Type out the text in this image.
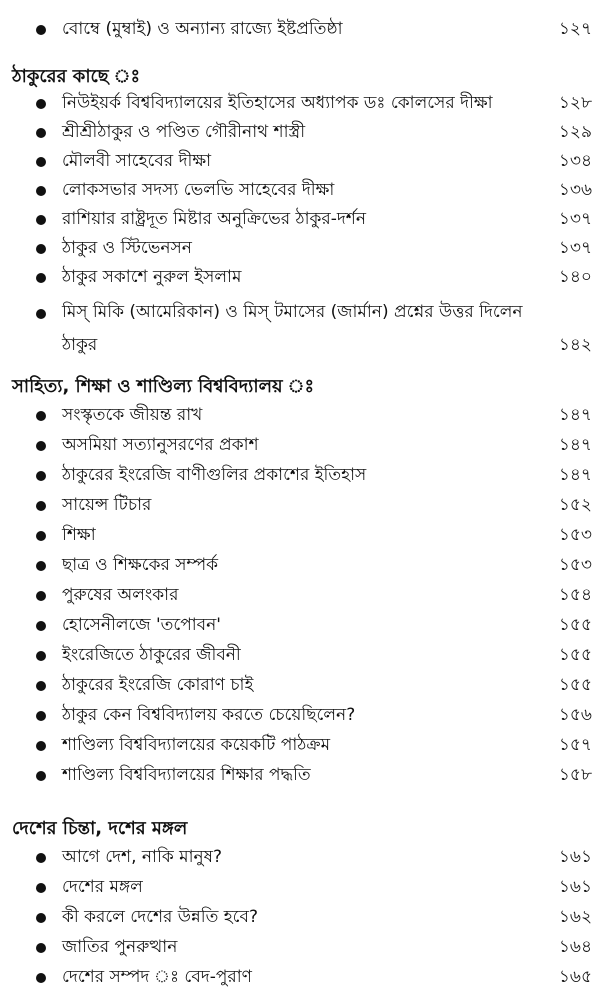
বোম্বে (মুম্বাই) ও অন্যান্য রাজ্যে ইষ্টপ্রতিষ্ঠা	১২৭
ঠাকুরের কাছে ঃ
নিউইয়র্ক বিশ্ববিদ্যালয়ের ইতিহাসের অধ্যাপক ডঃ কোলসের দীক্ষা	১২৮
শ্রীশ্রীঠাকুর ও পণ্ডিত গৌরীনাথ শাস্ত্রী	১২৯
মৌলবী সাহেবের দীক্ষা	১৩৪
লোকসভার সদস্য ভেলভি সাহেবের দীক্ষা	১৩৬
রাশিয়ার রাষ্ট্রদূত মিষ্টার অনুক্রিভের ঠাকুর-দর্শন	১৩৭
ঠাকুর ও স্টিভেনসন	১৩৭
ঠাকুর সকাশে নুরুল ইসলাম	১৪০
মিস্ মিকি (আমেরিকান) ও মিস্ টমাসের (জার্মান) প্রশ্নের উত্তর দিলেন ঠাকুর	১৪২
সাহিত্য, শিক্ষা ও শাণ্ডিল্য বিশ্ববিদ্যালয় ঃ
সংস্কৃতকে জীয়ন্ত রাখ	১৪৭
অসমিয়া সত্যানুসরণের প্রকাশ	১৪৭
ঠাকুরের ইংরেজি বাণীগুলির প্রকাশের ইতিহাস	১৪৭
সায়েন্স টিচার	১৫২
শিক্ষা	১৫৩
ছাত্র ও শিক্ষকের সম্পর্ক	১৫৩
পুরুষের অলংকার	১৫৪
হোসেনীলজে 'তপোবন'	১৫৫
ইংরেজিতে ঠাকুরের জীবনী	১৫৫
ঠাকুরের ইংরেজি কোরাণ চাই	১৫৫
ঠাকুর কেন বিশ্ববিদ্যালয় করতে চেয়েছিলেন?	১৫৬
শাণ্ডিল্য বিশ্ববিদ্যালয়ের কয়েকটি পাঠক্রম	১৫৭
শাণ্ডিল্য বিশ্ববিদ্যালয়ের শিক্ষার পদ্ধতি	১৫৮
দেশের চিন্তা, দশের মঙ্গল
আগে দেশ, নাকি মানুষ?	১৬১
দেশের মঙ্গল	১৬১
কী করলে দেশের উন্নতি হবে?	১৬২
জাতির পুনরুত্থান	১৬৪
দেশের সম্পদ ঃ বেদ-পুরাণ	১৬৫
